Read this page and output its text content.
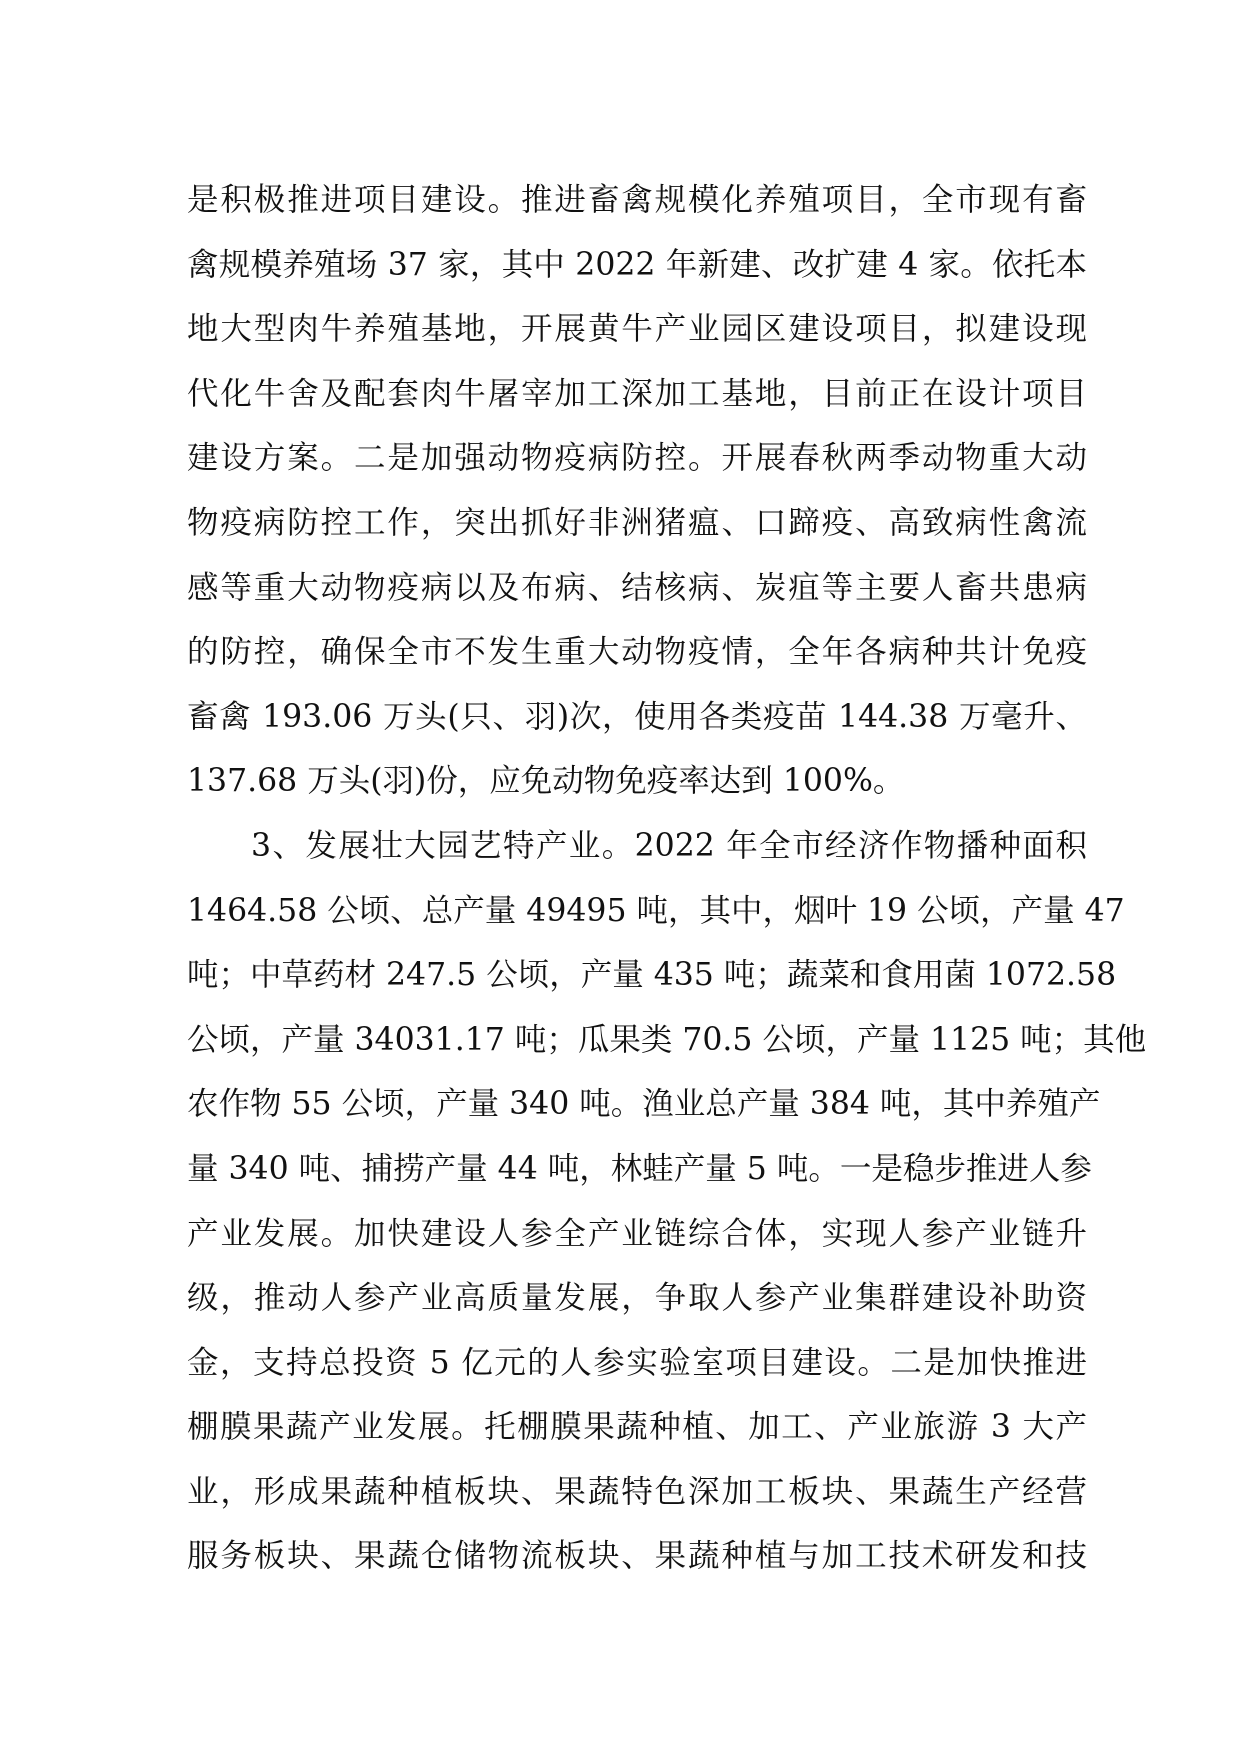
是积极推进项目建设。推进畜禽规模化养殖项目，全市现有畜
禽规模养殖场 37 家，其中 2022 年新建、改扩建 4 家。依托本
地大型肉牛养殖基地，开展黄牛产业园区建设项目，拟建设现
代化牛舍及配套肉牛屠宰加工深加工基地，目前正在设计项目
建设方案。二是加强动物疫病防控。开展春秋两季动物重大动
物疫病防控工作，突出抓好非洲猪瘟、口蹄疫、高致病性禽流
感等重大动物疫病以及布病、结核病、炭疽等主要人畜共患病
的防控，确保全市不发生重大动物疫情，全年各病种共计免疫
畜禽 193.06 万头(只、羽)次，使用各类疫苗 144.38 万毫升、
137.68 万头(羽)份，应免动物免疫率达到 100%。
3、发展壮大园艺特产业。2022 年全市经济作物播种面积
1464.58 公顷、总产量 49495 吨，其中，烟叶 19 公顷，产量 47
吨；中草药材 247.5 公顷，产量 435 吨；蔬菜和食用菌 1072.58
公顷，产量 34031.17 吨；瓜果类 70.5 公顷，产量 1125 吨；其他
农作物 55 公顷，产量 340 吨。渔业总产量 384 吨，其中养殖产
量 340 吨、捕捞产量 44 吨，林蛙产量 5 吨。一是稳步推进人参
产业发展。加快建设人参全产业链综合体，实现人参产业链升
级，推动人参产业高质量发展，争取人参产业集群建设补助资
金，支持总投资 5 亿元的人参实验室项目建设。二是加快推进
棚膜果蔬产业发展。托棚膜果蔬种植、加工、产业旅游 3 大产
业，形成果蔬种植板块、果蔬特色深加工板块、果蔬生产经营
服务板块、果蔬仓储物流板块、果蔬种植与加工技术研发和技
